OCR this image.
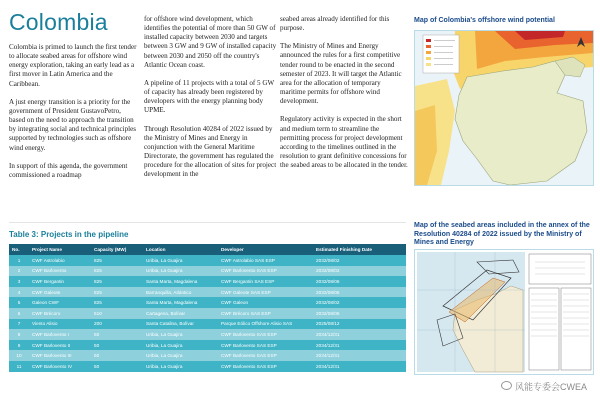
Colombia

Colombia is primed to launch the first tender to allocate seabed areas for offshore wind energy exploration, taking an early lead as a first mover in Latin America and the Caribbean.

A just energy transition is a priority for the government of President GustavoPetro, based on the need to approach the transition by integrating social and technical principles supported by technologies such as offshore wind energy.

In support of this agenda, the government commissioned a roadmap

for offshore wind development, which identifies the potential of more than 50 GW of installed capacity between 2030 and targets between 3 GW and 9 GW of installed capacity between 2030 and 2050 off the country's Atlantic Ocean coast.

A pipeline of 11 projects with a total of 5 GW of capacity has already been registered by developers with the energy planning body UPME.

Through Resolution 40284 of 2022 issued by the Ministry of Mines and Energy in conjunction with the General Maritime Directorate, the government has regulated the procedure for the allocation of sites for project development in the

seabed areas already identified for this purpose.

The Ministry of Mines and Energy announced the rules for a first competitive tender round to be enacted in the second semester of 2023. It will target the Atlantic area for the allocation of temporary maritime permits for offshore wind development.

Regulatory activity is expected in the short and medium term to streamline the permitting process for project development according to the timelines outlined in the resolution to grant definitive concessions for the seabed areas to be allocated in the tender.

Map of Colombia's offshore wind potential
Table 3: Projects in the pipeline
No.	Project Name	Capacity (MW)	Location	Developer	Estimated Finishing Date
1	CWF Astrolabio	825	Uribia, La Guajira	CWF Astrolabio SAS ESP	2032/08/02
2	CWF Barlovento	825	Uribia, La Guajira	CWF Barlovento SAS ESP	2032/08/02
3	CWF Bergantin	825	Santa Marta, Magdalena	CWF Bergantin SAS ESP	2032/08/06
4	CWF Galeote	825	Barranquilla, Atlántico	CWF Galeote SAS ESP	2032/08/06
5	Galeon CWF	825	Santa Marta, Magdalena	CWF Galeon	2032/08/02
6	CWF Brécoro	510	Cartagena, Bolívar	CWF Brécoro SAS ESP	2032/08/06
7	Viento Alisio	200	Santa Catalina, Bolívar	Parque Eólico Offshore Alisio SAS	2025/08/12
8	CWF Barlovento I	50	Uribia, La Guajira	CWF Barlovento SAS ESP	2034/12/31
9	CWF Barlovento II	50	Uribia, La Guajira	CWF Barlovento SAS ESP	2034/12/31
10	CWF Barlovento III	50	Uribia, La Guajira	CWF Barlovento SAS ESP	2034/12/31
11	CWF Barlovento IV	50	Uribia, La Guajira	CWF Barlovento SAS ESP	2034/12/31
Map of the seabed areas included in the annex of the Resolution 40284 of 2022 issued by the Ministry of Mines and Energy
风能专委会CWEA
